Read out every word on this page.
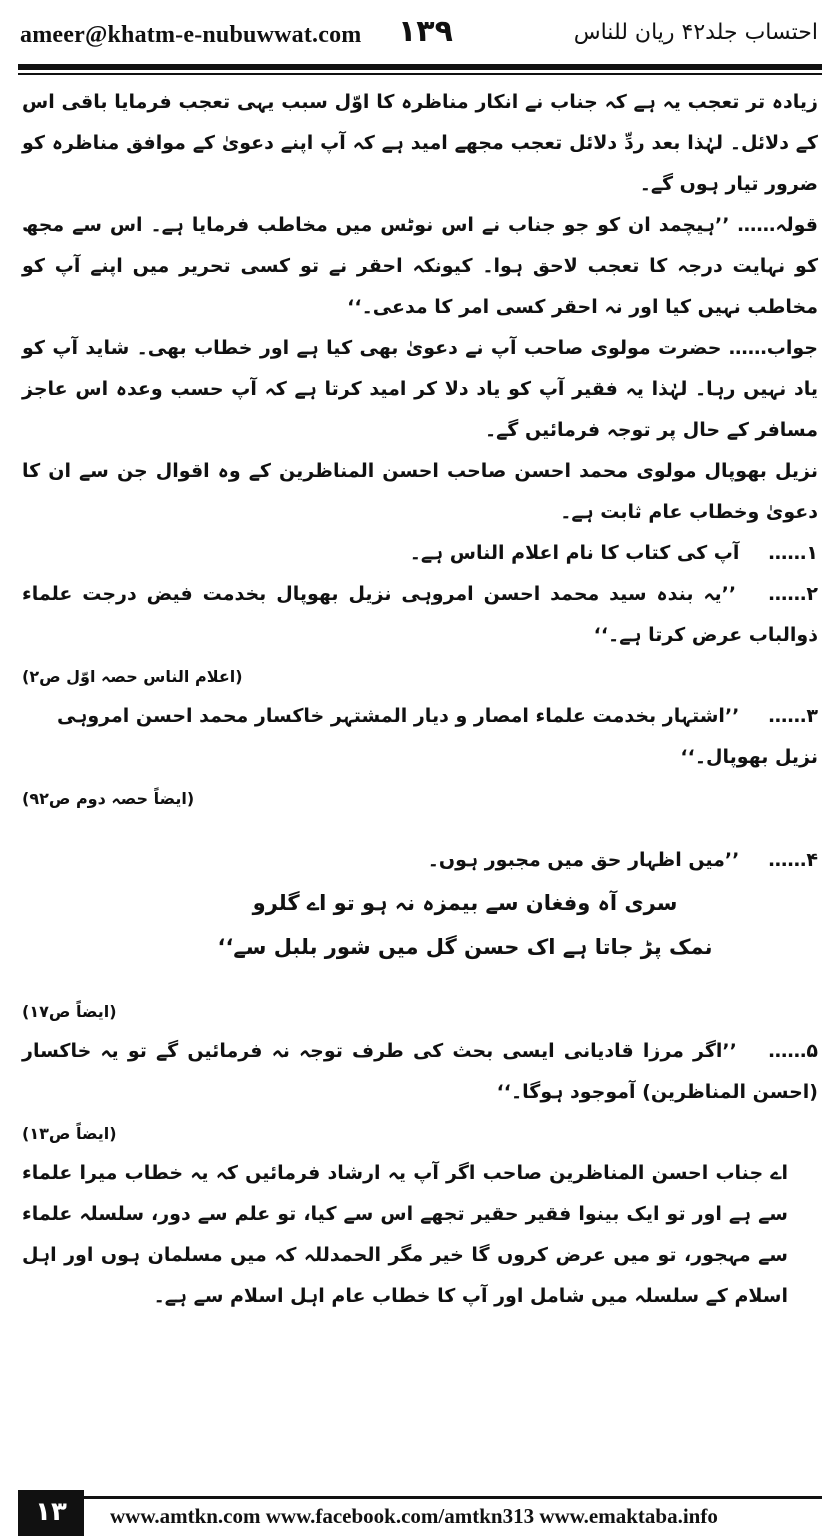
ameer@khatm-e-nubuwwat.com ۱۳۹	احتساب جلد۴۲ ریان للناس

زیادہ تر تعجب یہ ہے کہ جناب نے انکار مناظرہ کا اوّل سبب یہی تعجب فرمایا باقی اس کے دلائل۔ لہٰذا بعد ردِّ دلائل تعجب مجھے امید ہے کہ آپ اپنے دعویٰ کے موافق مناظرہ کو ضرور تیار ہوں گے۔

قولہ…… ’’ہیچمد ان کو جو جناب نے اس نوٹس میں مخاطب فرمایا ہے۔ اس سے مجھ کو نہایت درجہ کا تعجب لاحق ہوا۔ کیونکہ احقر نے تو کسی تحریر میں اپنے آپ کو مخاطب نہیں کیا اور نہ احقر کسی امر کا مدعی۔‘‘

جواب…… حضرت مولوی صاحب آپ نے دعویٰ بھی کیا ہے اور خطاب بھی۔ شاید آپ کو یاد نہیں رہا۔ لہٰذا یہ فقیر آپ کو یاد دلا کر امید کرتا ہے کہ آپ حسب وعدہ اس عاجز مسافر کے حال پر توجہ فرمائیں گے۔

نزیل بھوپال مولوی محمد احسن صاحب احسن المناظرین کے وہ اقوال جن سے ان کا دعویٰ وخطاب عام ثابت ہے۔

۱…… آپ کی کتاب کا نام اعلام الناس ہے۔

۲…… ’’یہ بندہ سید محمد احسن امروہی نزیل بھوپال بخدمت فیض درجت علماء ذوالباب عرض کرتا ہے۔‘‘

(اعلام الناس حصہ اوّل ص۲)

۳…… ’’اشتہار بخدمت علماء امصار و دیار المشتہر خاکسار محمد احسن امروہی نزیل بھوپال۔‘‘

(ایضاً حصہ دوم ص۹۲)

۴…… ’’میں اظہار حق میں مجبور ہوں۔

سری آہ وفغان سے بیمزہ نہ ہو تو اے گلرو
نمک پڑ جاتا ہے اک حسن گل میں شور بلبل سے‘‘
(ایضاً ص۱۷)

۵…… ’’اگر مرزا قادیانی ایسی بحث کی طرف توجہ نہ فرمائیں گے تو یہ خاکسار (احسن المناظرین) آموجود ہوگا۔‘‘

(ایضاً ص۱۳)

اے جناب احسن المناظرین صاحب اگر آپ یہ ارشاد فرمائیں کہ یہ خطاب میرا علماء سے ہے اور تو ایک بینوا فقیر حقیر تجھے اس سے کیا، تو علم سے دور، سلسلہ علماء سے مہجور، تو میں عرض کروں گا خیر مگر الحمدللہ کہ میں مسلمان ہوں اور اہل اسلام کے سلسلہ میں شامل اور آپ کا خطاب عام اہل اسلام سے ہے۔

۱۳	www.amtkn.com www.facebook.com/amtkn313 www.emaktaba.info
